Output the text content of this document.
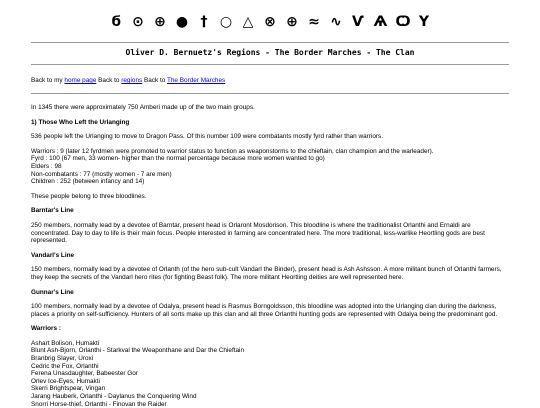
ϭ ⊙ ⊕ ● † ○ △ ⊗ ⊕ ≈ ∿ Ѵ Ѧ Ѻ Y
Oliver D. Bernuetz's Regions - The Border Marches - The Clan
Back to my home page Back to regions Back to The Border Marches

In 1345 there were approximately 750 Amberi made up of the two main groups.

1) Those Who Left the Urlanging

536 people left the Urlanging to move to Dragon Pass. Of this number 109 were combatants mostly fyrd rather than warriors.

Warriors : 9 (later 12 fyrdmen were promoted to warrior status to function as weaponstorms to the chieftain, clan champion and the warleader).
Fyrd : 100 (67 men, 33 women- higher than the normal percentage because more women wanted to go)
Elders : 98
Non-combatants : 77 (mostly women - 7 are men)
Children : 252 (between infancy and 14)

These people belong to three bloodlines.

Barntar's Line

250 members, normally lead by a devotee of Barntar, present head is Orlaront Mosdorison. This bloodline is where the traditionalist Orlanthi and Ernaldi are concentrated. Day to day to life is their main focus. People interested in farming are concentrated here. The more traditional, less-warlike Heortling gods are best represented.

Vandarl's Line

150 members, normally lead by a devotee of Orlanth (of the hero sub-cult Vandarl the Binder), present head is Ash Ashsson. A more militant bunch of Orlanthi farmers, they keep the secrets of the Vandarl hero rites (for fighting Beast folk). The more militant Heortling deities are well represented here.

Gunnar's Line

100 members, normally lead by a devotee of Odalya, present head is Rasmus Borngoldsson, this bloodline was adopted into the Urlanging clan during the darkness, places a priority on self-sufficiency. Hunters of all sorts make up this clan and all three Orlanthi hunting gods are represented with Odalya being the predominant god.

Warriors :

Ashart Bolison, Humakti
Blunt Ash-Bjorn, Orlanthi - Starkval the Weaponthane and Dar the Chieftain
Branbrig Slayer, Uroxi
Cedric the Fox, Orlanthi
Ferena Unasdaughter, Babeester Gor
Orlev Ice-Eyes, Humakti
Skerri Brightspear, Vingan
Jarang Hauberk, Orlanthi - Daylanus the Conquering Wind
Snorri Horse-thief, Orlanthi - Finovan the Raider
